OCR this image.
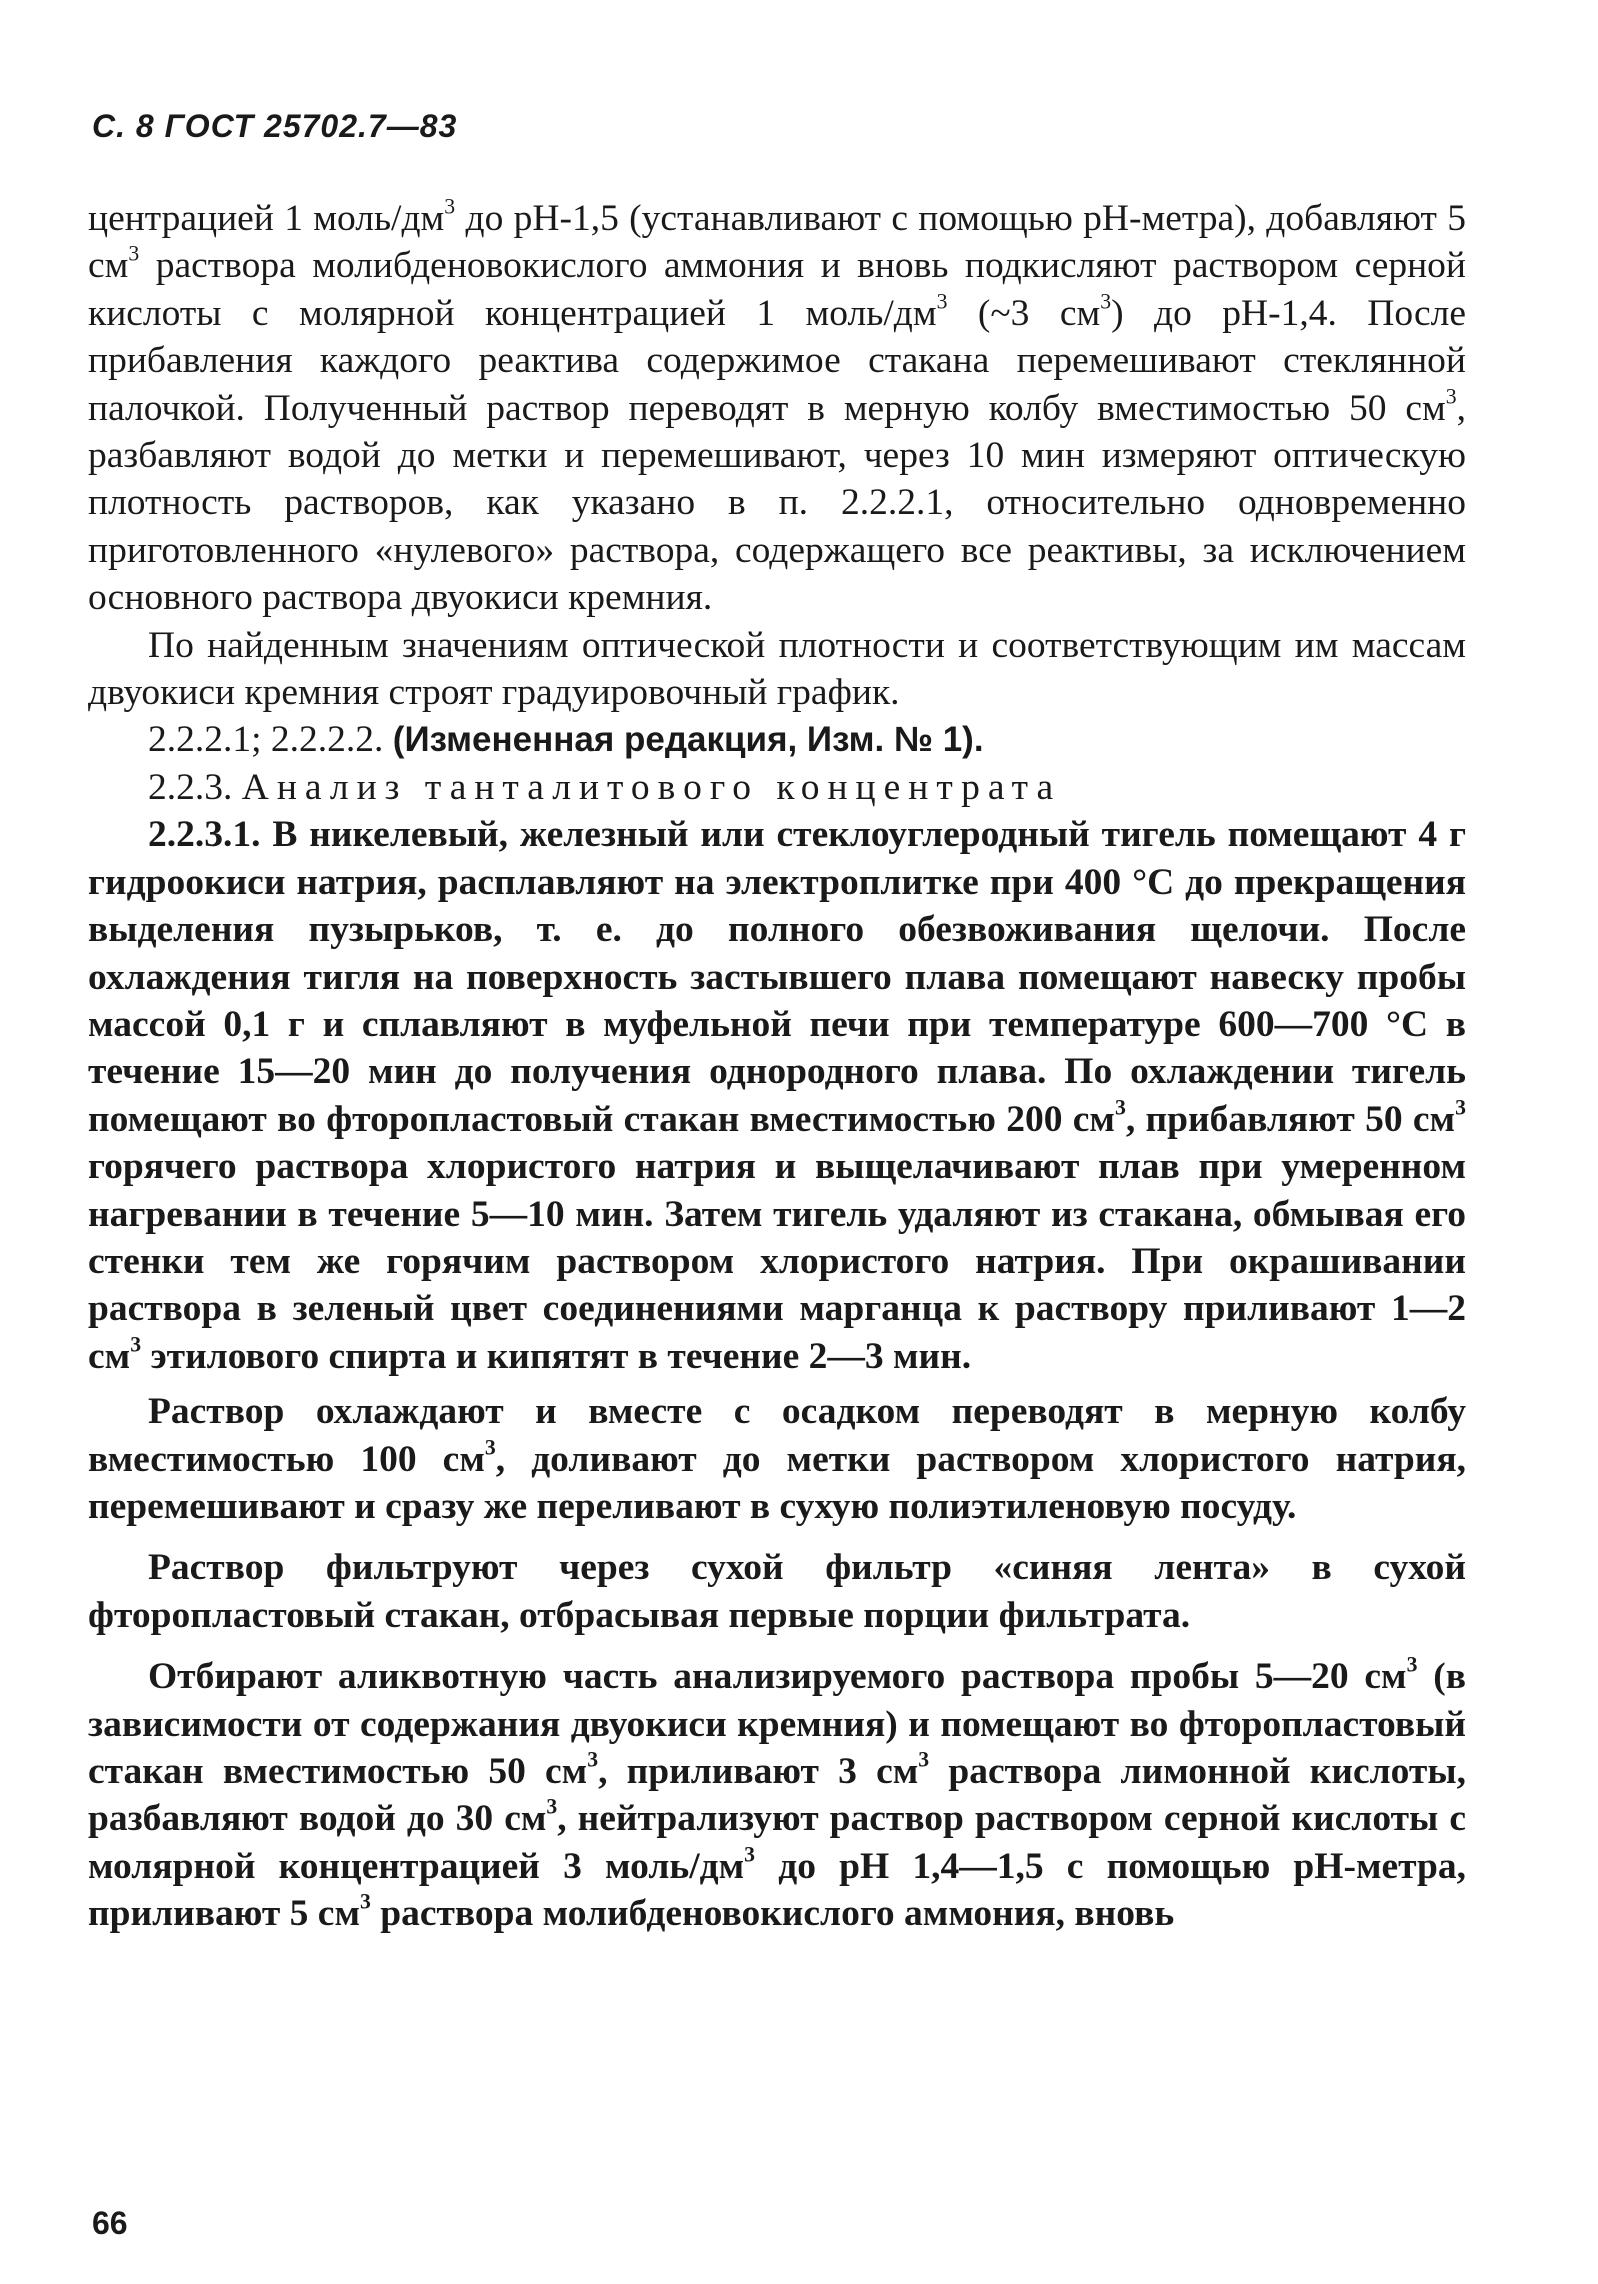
С. 8 ГОСТ 25702.7—83

центрацией 1 моль/$дм^3$ до рН-1,5 (устанавливают с помощью рН-метра), добавляют 5 $см^3$ раствора молибденовокислого аммония и вновь подкисляют раствором серной кислоты с молярной концентрацией 1 моль/$дм^3$ (~3 $см^3$) до рН-1,4. После прибавления каждого реактива содержимое стакана перемешивают стеклянной палочкой. Полученный раствор переводят в мерную колбу вместимостью 50 $см^3$, разбавляют водой до метки и перемешивают, через 10 мин измеряют оптическую плотность растворов, как указано в п. 2.2.2.1, относительно одновременно приготовленного «нулевого» раствора, содержащего все реактивы, за исключением основного раствора двуокиси кремния.

По найденным значениям оптической плотности и соответствующим им массам двуокиси кремния строят градуировочный график.

2.2.2.1; 2.2.2.2. (Измененная редакция, Изм. № 1).

2.2.3. Анализ танталитового концентрата

2.2.3.1. В никелевый, железный или стеклоуглеродный тигель помещают 4 г гидроокиси натрия, расплавляют на электроплитке при 400 °С до прекращения выделения пузырьков, т. е. до полного обезвоживания щелочи. После охлаждения тигля на поверхность застывшего плава помещают навеску пробы массой 0,1 г и сплавляют в муфельной печи при температуре 600—700 °С в течение 15—20 мин до получения однородного плава. По охлаждении тигель помещают во фторопластовый стакан вместимостью 200 $см^3$, прибавляют 50 $см^3$ горячего раствора хлористого натрия и выщелачивают плав при умеренном нагревании в течение 5—10 мин. Затем тигель удаляют из стакана, обмывая его стенки тем же горячим раствором хлористого натрия. При окрашивании раствора в зеленый цвет соединениями марганца к раствору приливают 1—2 $см^3$ этилового спирта и кипятят в течение 2—3 мин.

Раствор охлаждают и вместе с осадком переводят в мерную колбу вместимостью 100 $см^3$, доливают до метки раствором хлористого натрия, перемешивают и сразу же переливают в сухую полиэтиленовую посуду.

Раствор фильтруют через сухой фильтр «синяя лента» в сухой фторопластовый стакан, отбрасывая первые порции фильтрата.

Отбирают аликвотную часть анализируемого раствора пробы 5—20 $см^3$ (в зависимости от содержания двуокиси кремния) и помещают во фторопластовый стакан вместимостью 50 $см^3$, приливают 3 $см^3$ раствора лимонной кислоты, разбавляют водой до 30 $см^3$, нейтрализуют раствор раствором серной кислоты с молярной концентрацией 3 моль/$дм^3$ до рН 1,4—1,5 с помощью рН-метра, приливают 5 $см^3$ раствора молибденовокислого аммония, вновь

66
